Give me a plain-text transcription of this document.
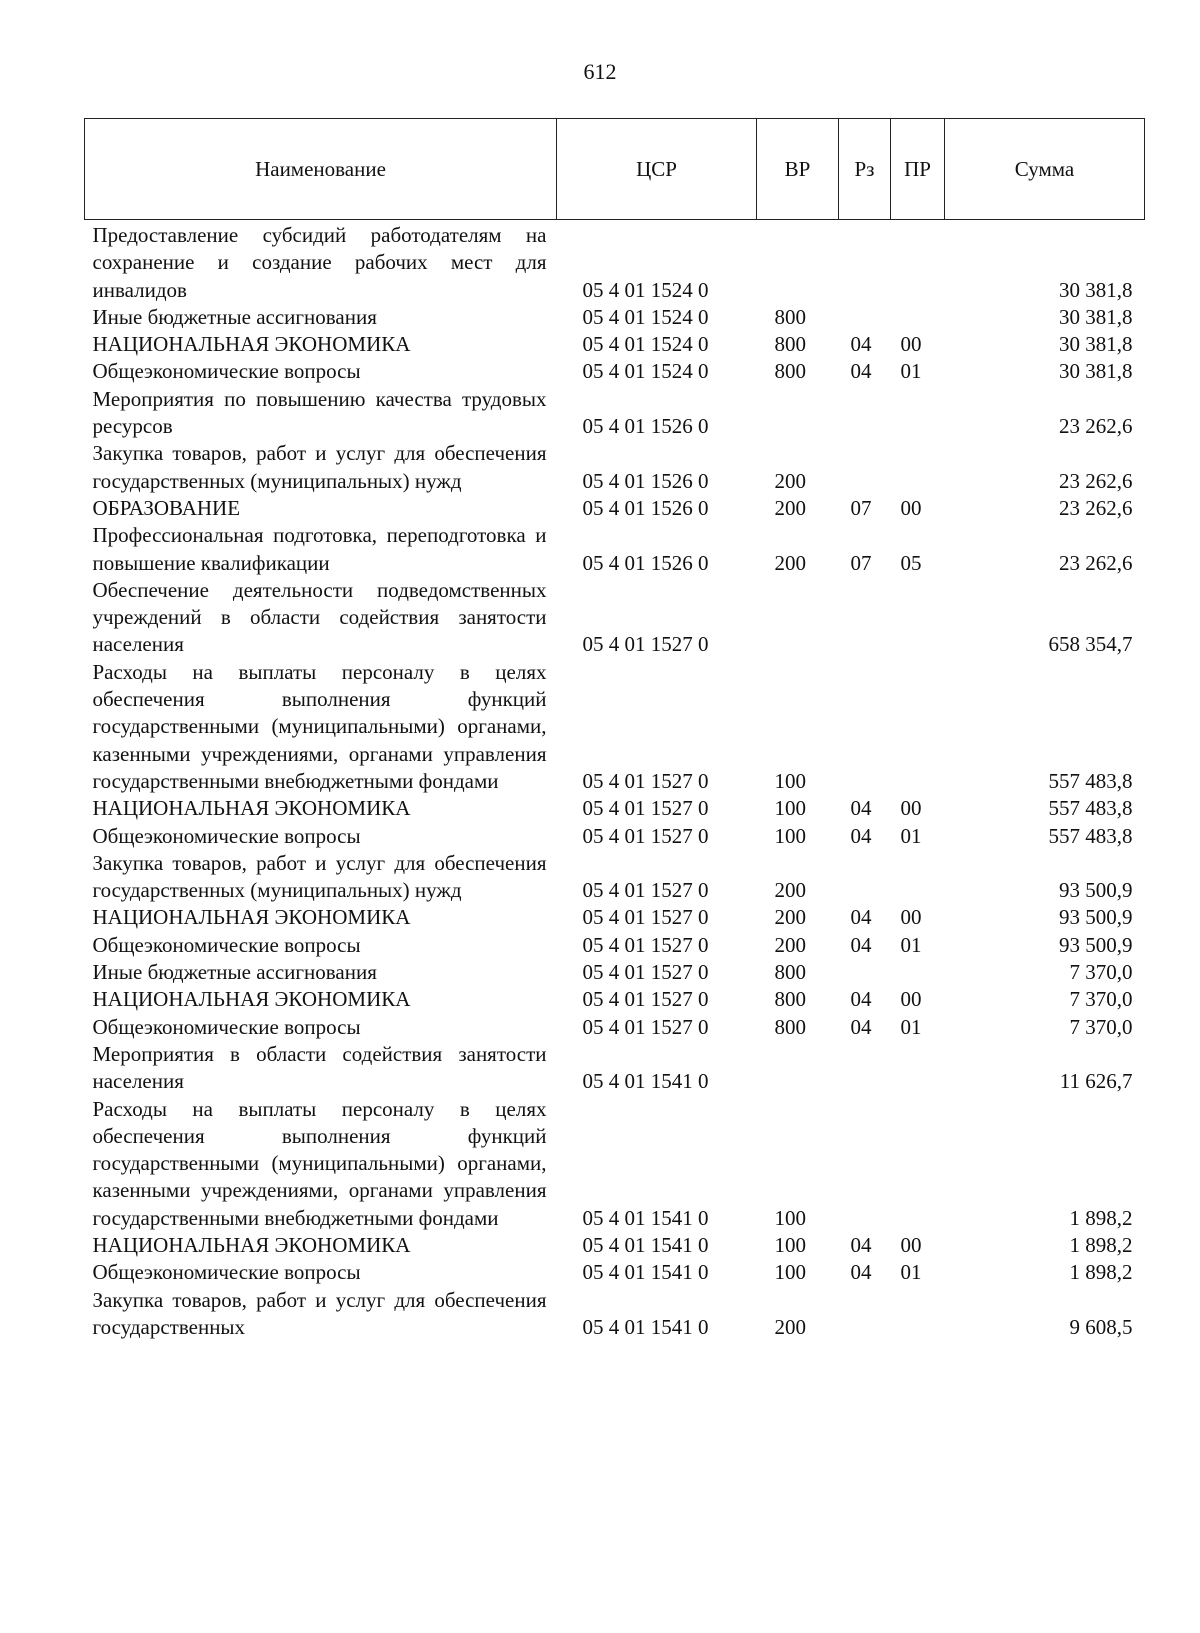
612
Наименование	ЦСР	ВР	Рз	ПР	Сумма
Предоставление субсидий работодателям на сохранение и создание рабочих мест для инвалидов	05 4 01 1524 0				30 381,8
Иные бюджетные ассигнования	05 4 01 1524 0	800			30 381,8
НАЦИОНАЛЬНАЯ ЭКОНОМИКА	05 4 01 1524 0	800	04	00	30 381,8
Общеэкономические вопросы	05 4 01 1524 0	800	04	01	30 381,8
Мероприятия по повышению качества трудовых ресурсов	05 4 01 1526 0				23 262,6
Закупка товаров, работ и услуг для обеспечения государственных (муниципальных) нужд	05 4 01 1526 0	200			23 262,6
ОБРАЗОВАНИЕ	05 4 01 1526 0	200	07	00	23 262,6
Профессиональная подготовка, переподготовка и повышение квалификации	05 4 01 1526 0	200	07	05	23 262,6
Обеспечение деятельности подведомственных учреждений в области содействия занятости населения	05 4 01 1527 0				658 354,7
Расходы на выплаты персоналу в целях обеспечения выполнения функций государственными (муниципальными) органами, казенными учреждениями, органами управления государственными внебюджетными фондами	05 4 01 1527 0	100			557 483,8
НАЦИОНАЛЬНАЯ ЭКОНОМИКА	05 4 01 1527 0	100	04	00	557 483,8
Общеэкономические вопросы	05 4 01 1527 0	100	04	01	557 483,8
Закупка товаров, работ и услуг для обеспечения государственных (муниципальных) нужд	05 4 01 1527 0	200			93 500,9
НАЦИОНАЛЬНАЯ ЭКОНОМИКА	05 4 01 1527 0	200	04	00	93 500,9
Общеэкономические вопросы	05 4 01 1527 0	200	04	01	93 500,9
Иные бюджетные ассигнования	05 4 01 1527 0	800			7 370,0
НАЦИОНАЛЬНАЯ ЭКОНОМИКА	05 4 01 1527 0	800	04	00	7 370,0
Общеэкономические вопросы	05 4 01 1527 0	800	04	01	7 370,0
Мероприятия в области содействия занятости населения	05 4 01 1541 0				11 626,7
Расходы на выплаты персоналу в целях обеспечения выполнения функций государственными (муниципальными) органами, казенными учреждениями, органами управления государственными внебюджетными фондами	05 4 01 1541 0	100			1 898,2
НАЦИОНАЛЬНАЯ ЭКОНОМИКА	05 4 01 1541 0	100	04	00	1 898,2
Общеэкономические вопросы	05 4 01 1541 0	100	04	01	1 898,2
Закупка товаров, работ и услуг для обеспечения государственных	05 4 01 1541 0	200			9 608,5
